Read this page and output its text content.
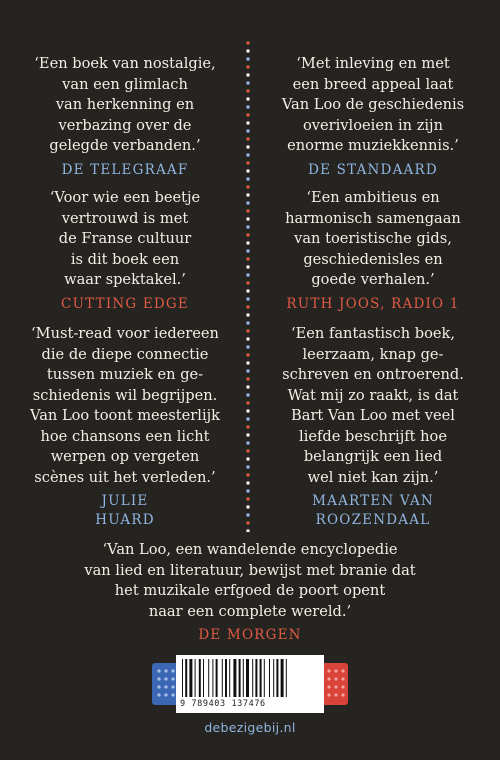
‘Een boek van nostalgie,
van een glimlach
van herkenning en
verbazing over de
gelegde verbanden.’
DE TELEGRAAF
‘Met inleving en met
een breed appeal laat
Van Loo de geschiedenis
overivloeien in zijn
enorme muziekkennis.’
DE STANDAARD
‘Voor wie een beetje
vertrouwd is met
de Franse cultuur
is dit boek een
waar spektakel.’
CUTTING EDGE
‘Een ambitieus en
harmonisch samengaan
van toeristische gids,
geschiedenisles en
goede verhalen.’
RUTH JOOS, RADIO 1
‘Must-read voor iedereen
die de diepe connectie
tussen muziek en ge-
schiedenis wil begrijpen.
Van Loo toont meesterlijk
hoe chansons een licht
werpen op vergeten
scènes uit het verleden.’
JULIE
HUARD
‘Een fantastisch boek,
leerzaam, knap ge-
schreven en ontroerend.
Wat mij zo raakt, is dat
Bart Van Loo met veel
liefde beschrijft hoe
belangrijk een lied
wel niet kan zijn.’
MAARTEN VAN
ROOZENDAAL
‘Van Loo, een wandelende encyclopedie
van lied en literatuur, bewijst met branie dat
het muzikale erfgoed de poort opent
naar een complete wereld.’
DE MORGEN
9 789403 137476
debezigebij.nl
